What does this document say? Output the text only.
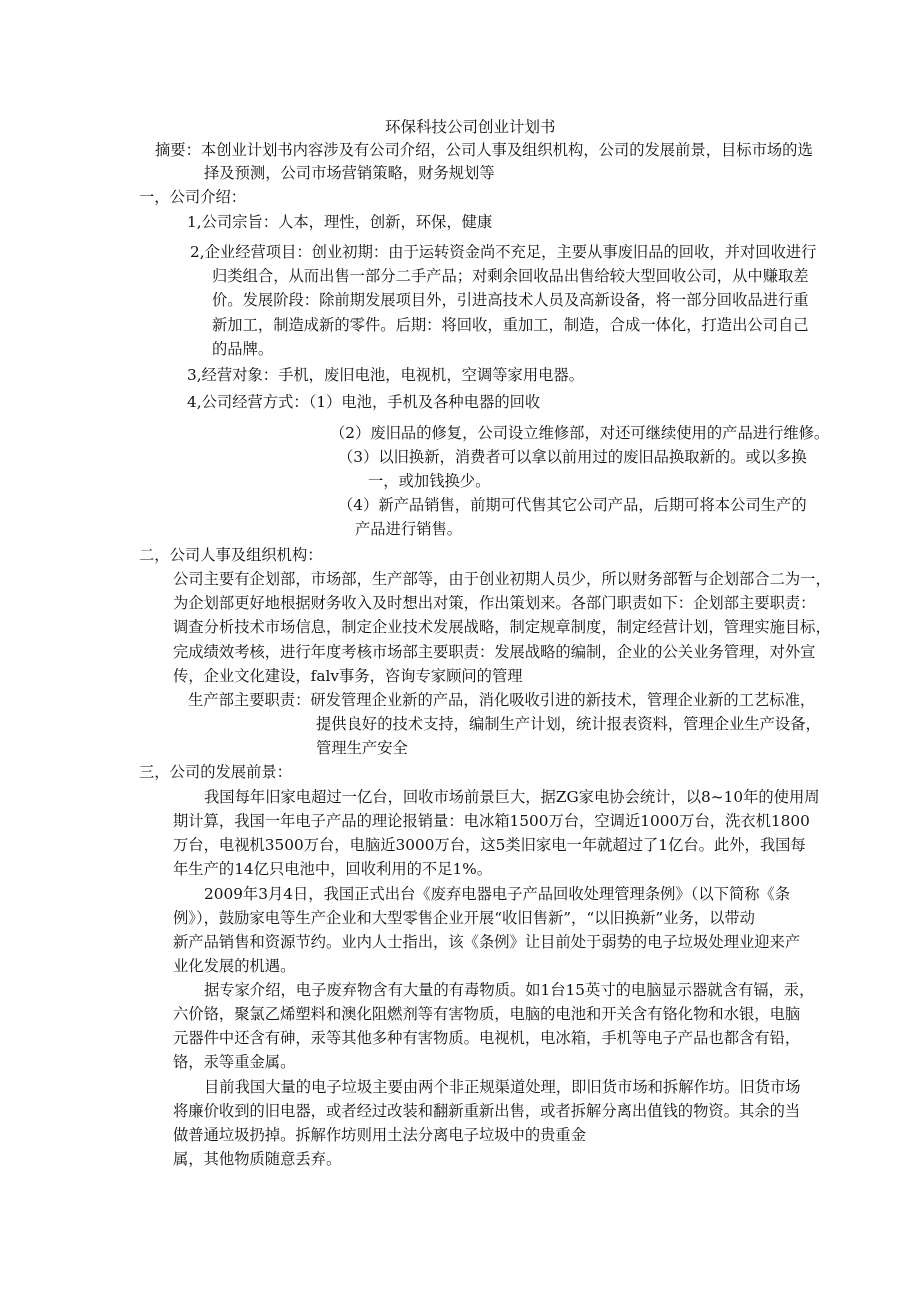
环保科技公司创业计划书

摘要：本创业计划书内容涉及有公司介绍，公司人事及组织机构，公司的发展前景，目标市场的选

择及预测，公司市场营销策略，财务规划等

一，公司介绍：

1,公司宗旨：人本，理性，创新，环保，健康

2,企业经营项目：创业初期：由于运转资金尚不充足，主要从事废旧品的回收，并对回收进行

归类组合，从而出售一部分二手产品；对剩余回收品出售给较大型回收公司，从中赚取差

价。发展阶段：除前期发展项目外，引进高技术人员及高新设备，将一部分回收品进行重

新加工，制造成新的零件。后期：将回收，重加工，制造，合成一体化，打造出公司自己

的品牌。

3,经营对象：手机，废旧电池，电视机，空调等家用电器。

4,公司经营方式：（1）电池，手机及各种电器的回收

（2）废旧品的修复，公司设立维修部，对还可继续使用的产品进行维修。

（3）以旧换新，消费者可以拿以前用过的废旧品换取新的。或以多换

一，或加钱换少。

（4）新产品销售，前期可代售其它公司产品，后期可将本公司生产的

产品进行销售。

二，公司人事及组织机构：

公司主要有企划部，市场部，生产部等，由于创业初期人员少，所以财务部暂与企划部合二为一，

为企划部更好地根据财务收入及时想出对策，作出策划来。各部门职责如下：企划部主要职责：

调查分析技术市场信息，制定企业技术发展战略，制定规章制度，制定经营计划，管理实施目标，

完成绩效考核，进行年度考核市场部主要职责：发展战略的编制，企业的公关业务管理，对外宣

传，企业文化建设，falv事务，咨询专家顾问的管理

生产部主要职责：研发管理企业新的产品，消化吸收引进的新技术，管理企业新的工艺标准，

提供良好的技术支持，编制生产计划，统计报表资料，管理企业生产设备，

管理生产安全

三，公司的发展前景：

我国每年旧家电超过一亿台，回收市场前景巨大，据ZG家电协会统计，以8~10年的使用周

期计算，我国一年电子产品的理论报销量：电冰箱1500万台，空调近1000万台，洗衣机1800

万台，电视机3500万台，电脑近3000万台，这5类旧家电一年就超过了1亿台。此外，我国每

年生产的14亿只电池中，回收利用的不足1%。

2009年3月4日，我国正式出台《废弃电器电子产品回收处理管理条例》（以下简称《条

例》），鼓励家电等生产企业和大型零售企业开展“收旧售新”，“以旧换新”业务，以带动

新产品销售和资源节约。业内人士指出，该《条例》让目前处于弱势的电子垃圾处理业迎来产

业化发展的机遇。

据专家介绍，电子废弃物含有大量的有毒物质。如1台15英寸的电脑显示器就含有镉，汞，

六价铬，聚氯乙烯塑料和澳化阻燃剂等有害物质，电脑的电池和开关含有铬化物和水银，电脑

元器件中还含有砷，汞等其他多种有害物质。电视机，电冰箱，手机等电子产品也都含有铅，

铬，汞等重金属。

目前我国大量的电子垃圾主要由两个非正规渠道处理，即旧货市场和拆解作坊。旧货市场

将廉价收到的旧电器，或者经过改装和翻新重新出售，或者拆解分离出值钱的物资。其余的当

做普通垃圾扔掉。拆解作坊则用土法分离电子垃圾中的贵重金

属，其他物质随意丢弃。
